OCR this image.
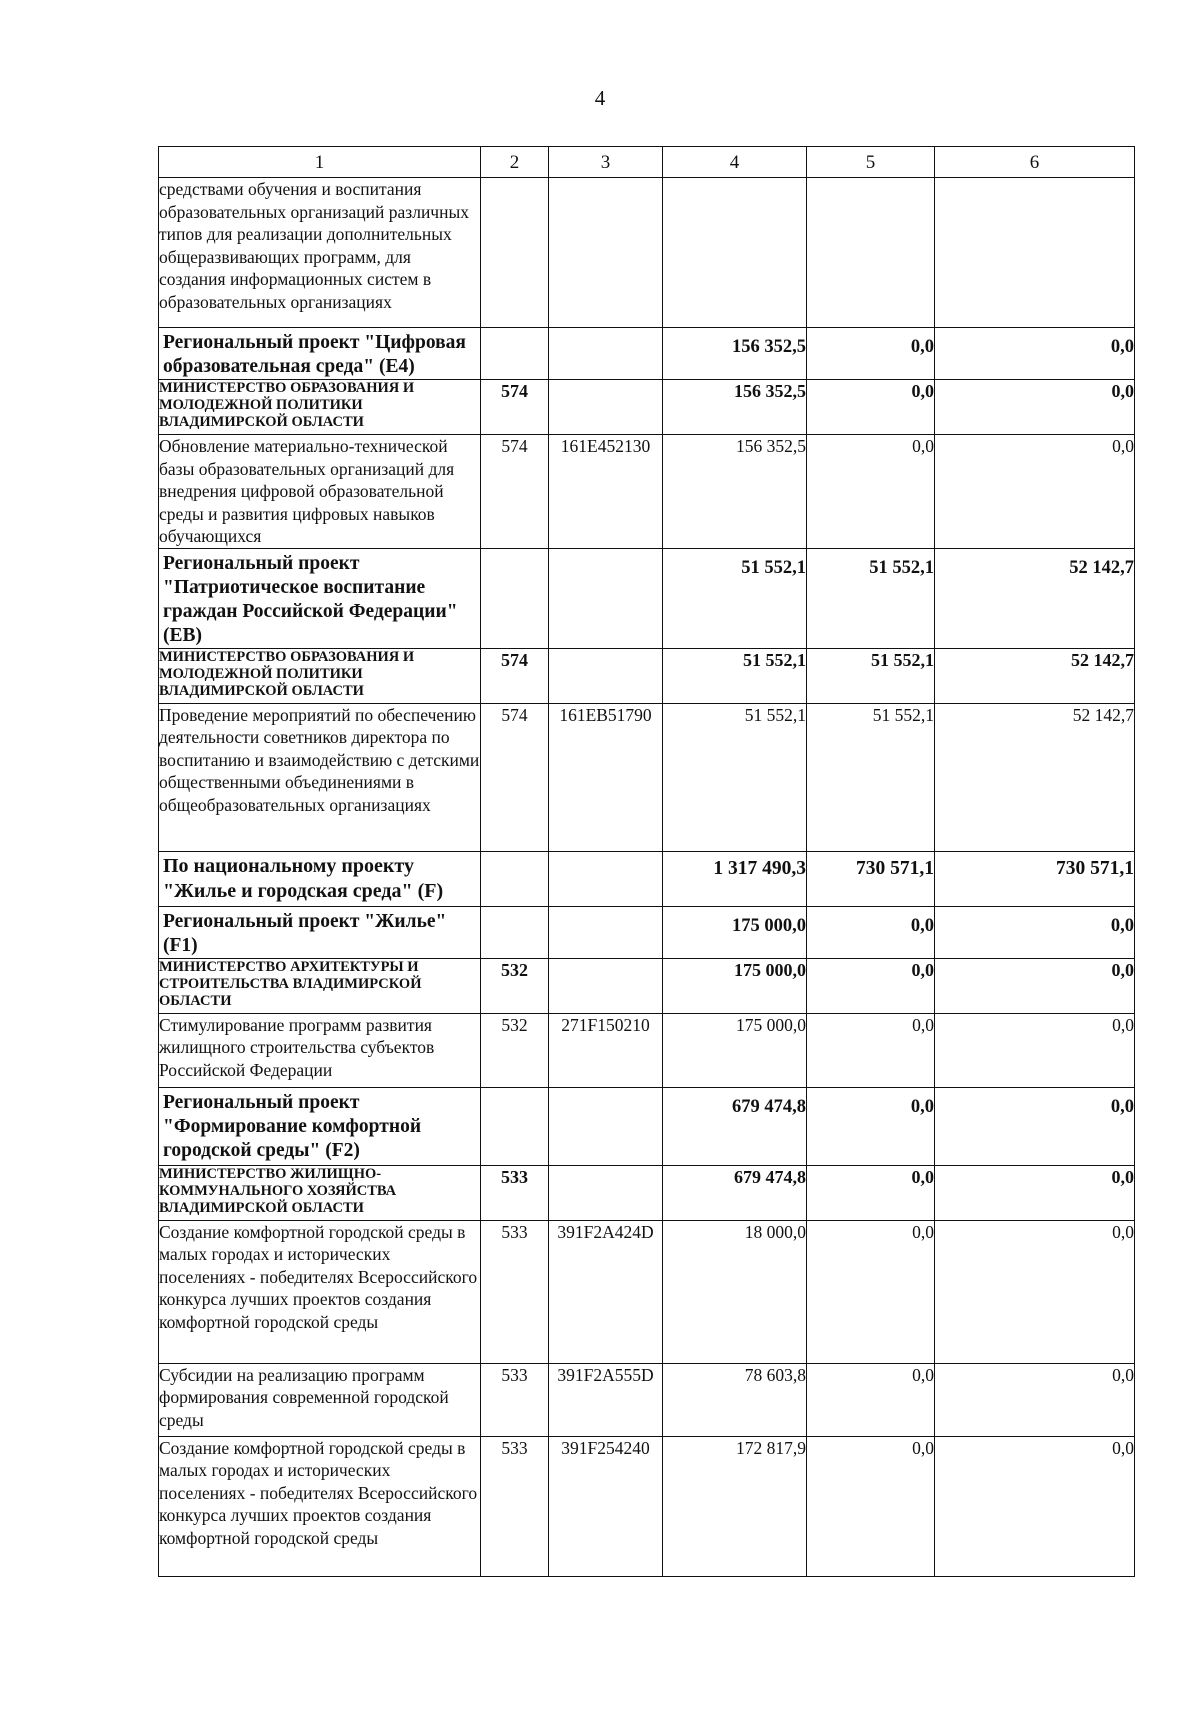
4
1	2	3	4	5	6
средствами обучения и воспитания образовательных организаций различных типов для реализации дополнительных общеразвивающих программ, для создания информационных систем в образовательных организациях					
Региональный проект "Цифровая образовательная среда" (Е4)			156 352,5	0,0	0,0
МИНИСТЕРСТВО ОБРАЗОВАНИЯ И МОЛОДЕЖНОЙ ПОЛИТИКИ ВЛАДИМИРСКОЙ ОБЛАСТИ	574		156 352,5	0,0	0,0
Обновление материально-технической базы образовательных организаций для внедрения цифровой образовательной среды и развития цифровых навыков обучающихся	574	161Е452130	156 352,5	0,0	0,0
Региональный проект "Патриотическое воспитание граждан Российской Федерации" (ЕВ)			51 552,1	51 552,1	52 142,7
МИНИСТЕРСТВО ОБРАЗОВАНИЯ И МОЛОДЕЖНОЙ ПОЛИТИКИ ВЛАДИМИРСКОЙ ОБЛАСТИ	574		51 552,1	51 552,1	52 142,7
Проведение мероприятий по обеспечению деятельности советников директора по воспитанию и взаимодействию с детскими общественными объединениями в общеобразовательных организациях	574	161ЕВ51790	51 552,1	51 552,1	52 142,7
По национальному проекту "Жилье и городская среда" (F)			1 317 490,3	730 571,1	730 571,1
Региональный проект "Жилье" (F1)			175 000,0	0,0	0,0
МИНИСТЕРСТВО АРХИТЕКТУРЫ И СТРОИТЕЛЬСТВА ВЛАДИМИРСКОЙ ОБЛАСТИ	532		175 000,0	0,0	0,0
Стимулирование программ развития жилищного строительства субъектов Российской Федерации	532	271F150210	175 000,0	0,0	0,0
Региональный проект "Формирование комфортной городской среды" (F2)			679 474,8	0,0	0,0
МИНИСТЕРСТВО ЖИЛИЩНО-КОММУНАЛЬНОГО ХОЗЯЙСТВА ВЛАДИМИРСКОЙ ОБЛАСТИ	533		679 474,8	0,0	0,0
Создание комфортной городской среды в малых городах и исторических поселениях - победителях Всероссийского конкурса лучших проектов создания комфортной городской среды	533	391F2A424D	18 000,0	0,0	0,0
Субсидии на реализацию программ формирования современной городской среды	533	391F2A555D	78 603,8	0,0	0,0
Создание комфортной городской среды в малых городах и исторических поселениях - победителях Всероссийского конкурса лучших проектов создания комфортной городской среды	533	391F254240	172 817,9	0,0	0,0
